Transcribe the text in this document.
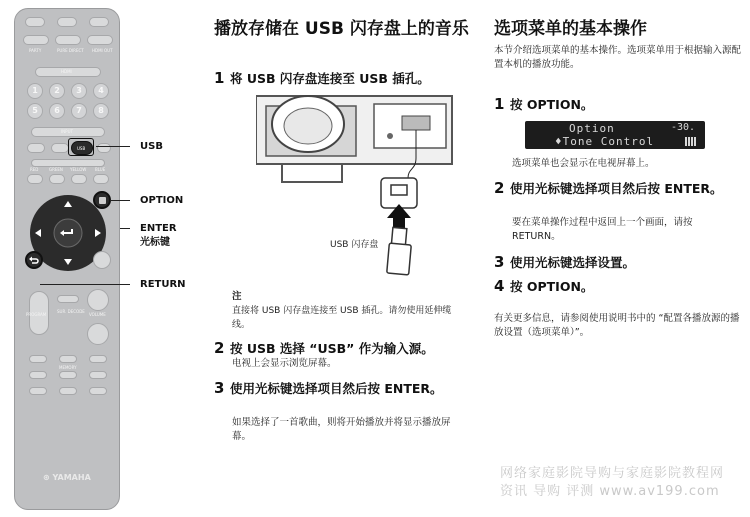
PARTY	PURE DIRECT HDMI OUT
HDMI
1	2	3	4
5	6	7	8
INPUT
USB
RED	GREEN YELLOW BLUE
PROGRAM
SUR. DECODE
VOLUME
MEMORY
⊛ YAMAHA
USB
OPTION
ENTER
光标键
RETURN
播放存储在 USB 闪存盘上的音乐
1 将 USB 闪存盘连接至 USB 插孔。
USB 闪存盘
注
直接将 USB 闪存盘连接至 USB 插孔。请勿使用延伸缆线。
2 按 USB 选择 “USB” 作为输入源。
电视上会显示浏览屏幕。
3 使用光标键选择项目然后按 ENTER。
如果选择了一首歌曲，则将开始播放并将显示播放屏幕。
选项菜单的基本操作
本节介绍选项菜单的基本操作。选项菜单用于根据输入源配置本机的播放功能。
1 按 OPTION。
Option	-30.
♦Tone Control
选项菜单也会显示在电视屏幕上。
2 使用光标键选择项目然后按 ENTER。
要在菜单操作过程中返回上一个画面，请按 RETURN。
3 使用光标键选择设置。
4 按 OPTION。
有关更多信息，请参阅使用说明书中的 “配置各播放源的播放设置（选项菜单）”。
网络家庭影院导购与家庭影院教程网
资讯 导购 评测 www.av199.com
